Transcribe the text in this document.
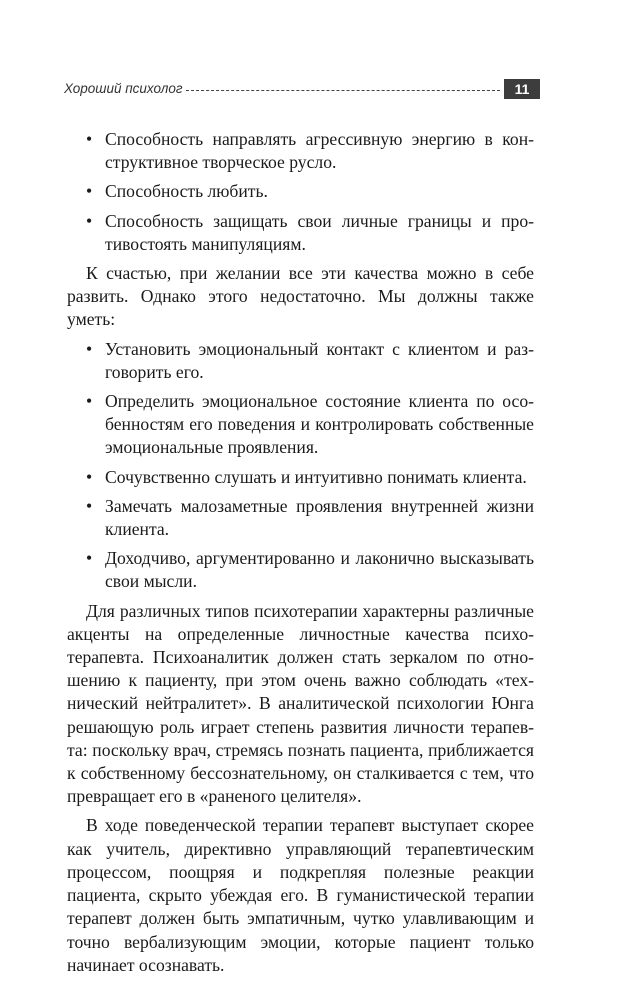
Хороший психолог	11
• Способность направлять агрессивную энергию в конструктивное творческое русло.
• Способность любить.
• Способность защищать свои личные границы и противостоять манипуляциям.

К счастью, при желании все эти качества можно в себе развить. Однако этого недостаточно. Мы должны также уметь:

• Установить эмоциональный контакт с клиентом и разговорить его.
• Определить эмоциональное состояние клиента по особенностям его поведения и контролировать собственные эмоциональные проявления.
• Сочувственно слушать и интуитивно понимать клиента.
• Замечать малозаметные проявления внутренней жизни клиента.
• Доходчиво, аргументированно и лаконично высказывать свои мысли.

Для различных типов психотерапии характерны различные акценты на определенные личностные качества психотерапевта. Психоаналитик должен стать зеркалом по отношению к пациенту, при этом очень важно соблюдать «технический нейтралитет». В аналитической психологии Юнга решающую роль играет степень развития личности терапевта: поскольку врач, стремясь познать пациента, приближается к собственному бессознательному, он сталкивается с тем, что превращает его в «раненого целителя».

В ходе поведенческой терапии терапевт выступает скорее как учитель, директивно управляющий терапевтическим процессом, поощряя и подкрепляя полезные реакции пациента, скрыто убеждая его. В гуманистической терапии терапевт должен быть эмпатичным, чутко улавливающим и точно вербализующим эмоции, которые пациент только начинает осознавать.
